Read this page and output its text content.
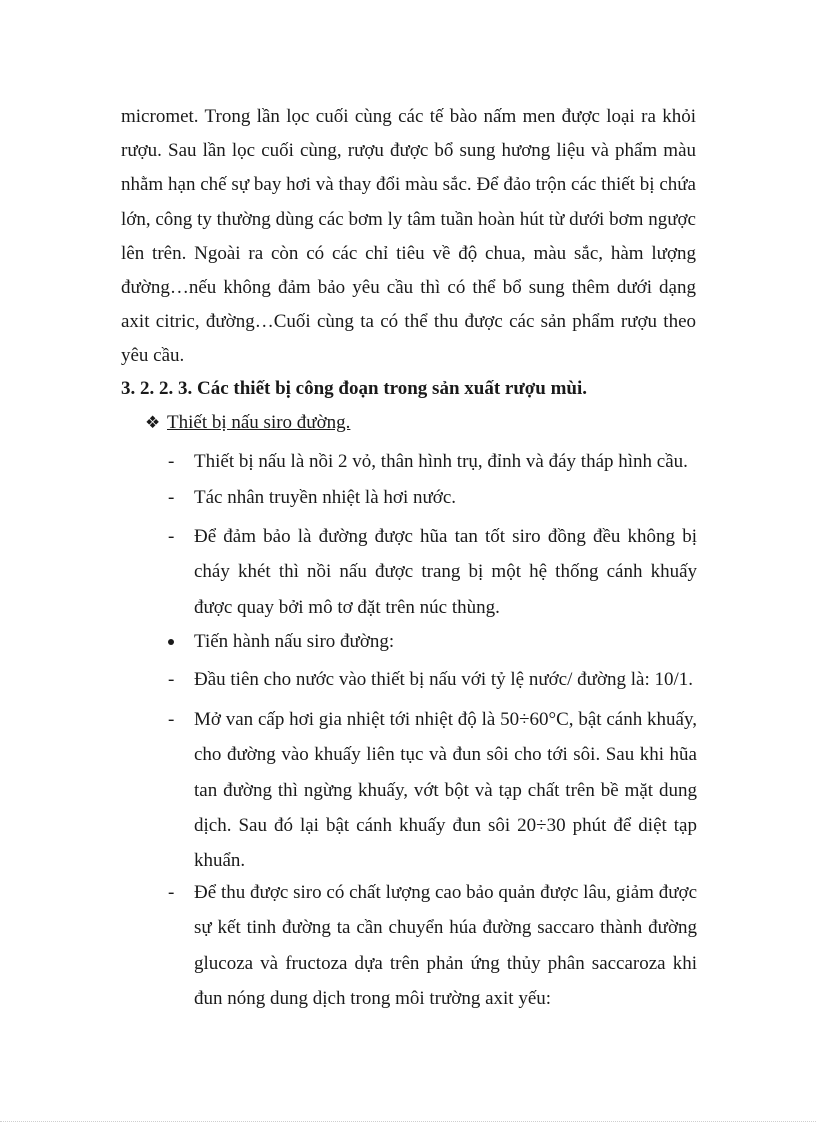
micromet. Trong lần lọc cuối cùng các tế bào nấm men được loại ra khỏi rượu. Sau lần lọc cuối cùng, rượu được bổ sung hương liệu và phẩm màu nhằm hạn chế sự bay hơi và thay đổi màu sắc. Để đảo trộn các thiết bị chứa lớn, công ty thường dùng các bơm ly tâm tuần hoàn hút từ dưới bơm ngược lên trên. Ngoài ra còn có các chỉ tiêu về độ chua, màu sắc, hàm lượng đường…nếu không đảm bảo yêu cầu thì có thể bổ sung thêm dưới dạng axit citric, đường…Cuối cùng ta có thể thu được các sản phẩm rượu theo yêu cầu.

3. 2. 2. 3. Các thiết bị công đoạn trong sản xuất rượu mùi.

❖ Thiết bị nấu siro đường.

-	Thiết bị nấu là nồi 2 vỏ, thân hình trụ, đỉnh và đáy tháp hình cầu.
-	Tác nhân truyền nhiệt là hơi nước.
-	Để đảm bảo là đường được hũa tan tốt siro đồng đều không bị cháy khét thì nồi nấu được trang bị một hệ thống cánh khuấy được quay bởi mô tơ đặt trên núc thùng.
Tiến hành nấu siro đường:
-	Đầu tiên cho nước vào thiết bị nấu với tỷ lệ nước/ đường là: 10/1.
-	Mở van cấp hơi gia nhiệt tới nhiệt độ là 50÷60°C, bật cánh khuấy, cho đường vào khuấy liên tục và đun sôi cho tới sôi. Sau khi hũa tan đường thì ngừng khuấy, vớt bột và tạp chất trên bề mặt dung dịch. Sau đó lại bật cánh khuấy đun sôi 20÷30 phút để diệt tạp khuẩn.
-	Để thu được siro có chất lượng cao bảo quản được lâu, giảm được sự kết tinh đường ta cần chuyển húa đường saccaro thành đường glucoza và fructoza dựa trên phản ứng thủy phân saccaroza khi đun nóng dung dịch trong môi trường axit yếu:
